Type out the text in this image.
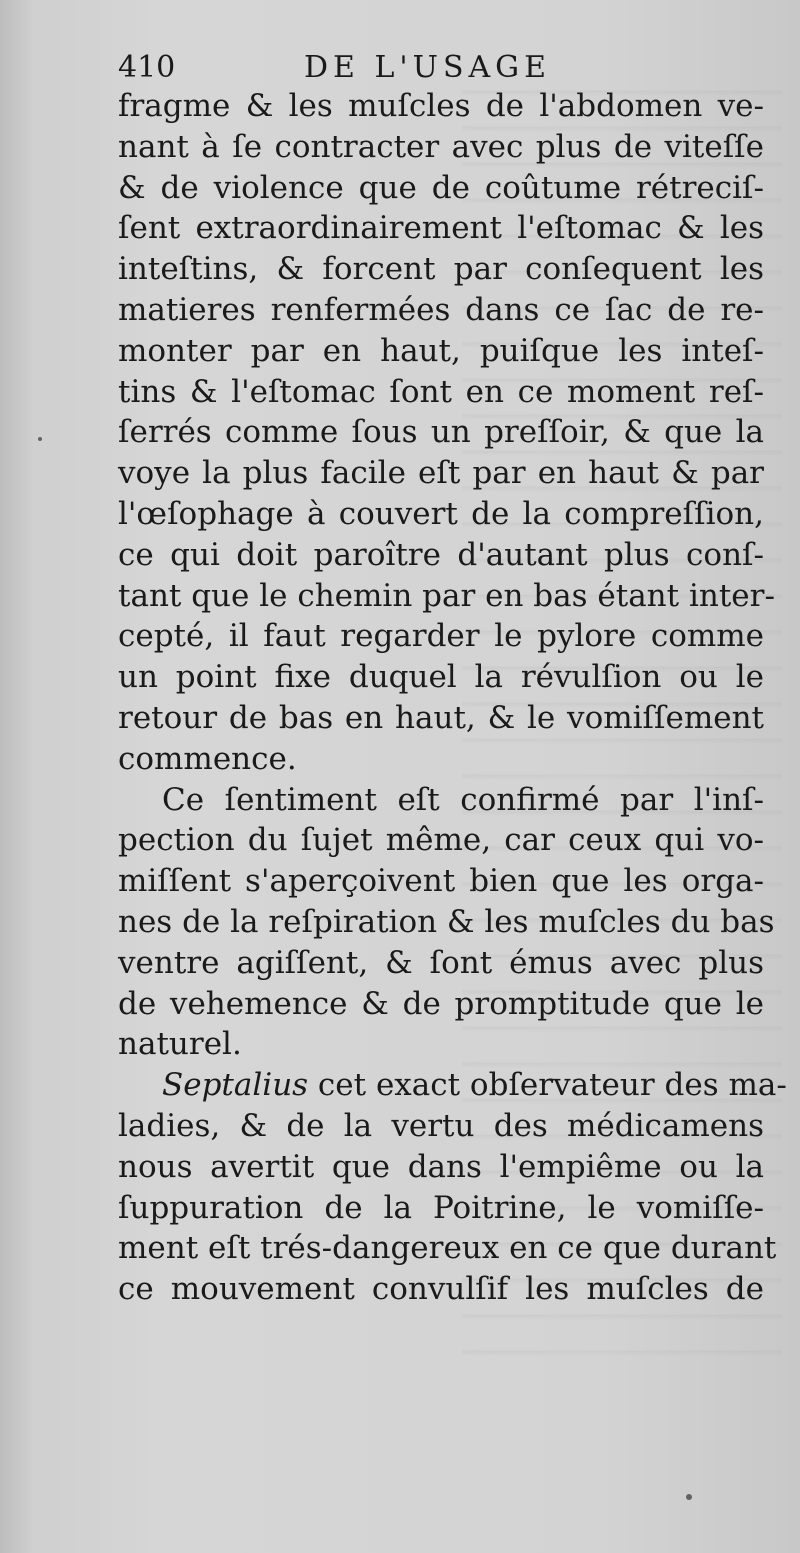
410	DE L'USAGE
fragme & les muſcles de l'abdomen ve-
nant à ſe contracter avec plus de viteſſe
& de violence que de coûtume rétreciſ-
ſent extraordinairement l'eſtomac & les
inteſtins, & forcent par conſequent les
matieres renfermées dans ce ſac de re-
monter par en haut, puiſque les inteſ-
tins & l'eſtomac ſont en ce moment reſ-
ſerrés comme ſous un preſſoir, & que la
voye la plus facile eſt par en haut & par
l'œſophage à couvert de la compreſſion,
ce qui doit paroître d'autant plus conſ-
tant que le chemin par en bas étant inter-
cepté, il faut regarder le pylore comme
un point fixe duquel la révulſion ou le
retour de bas en haut, & le vomiſſement
commence.
Ce ſentiment eſt confirmé par l'inſ-
pection du ſujet même, car ceux qui vo-
miſſent s'aperçoivent bien que les orga-
nes de la reſpiration & les muſcles du bas
ventre agiſſent, & ſont émus avec plus
de vehemence & de promptitude que le
naturel.
Septalius cet exact obſervateur des ma-
ladies, & de la vertu des médicamens
nous avertit que dans l'empiême ou la
ſuppuration de la Poitrine, le vomiſſe-
ment eſt trés-dangereux en ce que durant
ce mouvement convulſif les muſcles de
